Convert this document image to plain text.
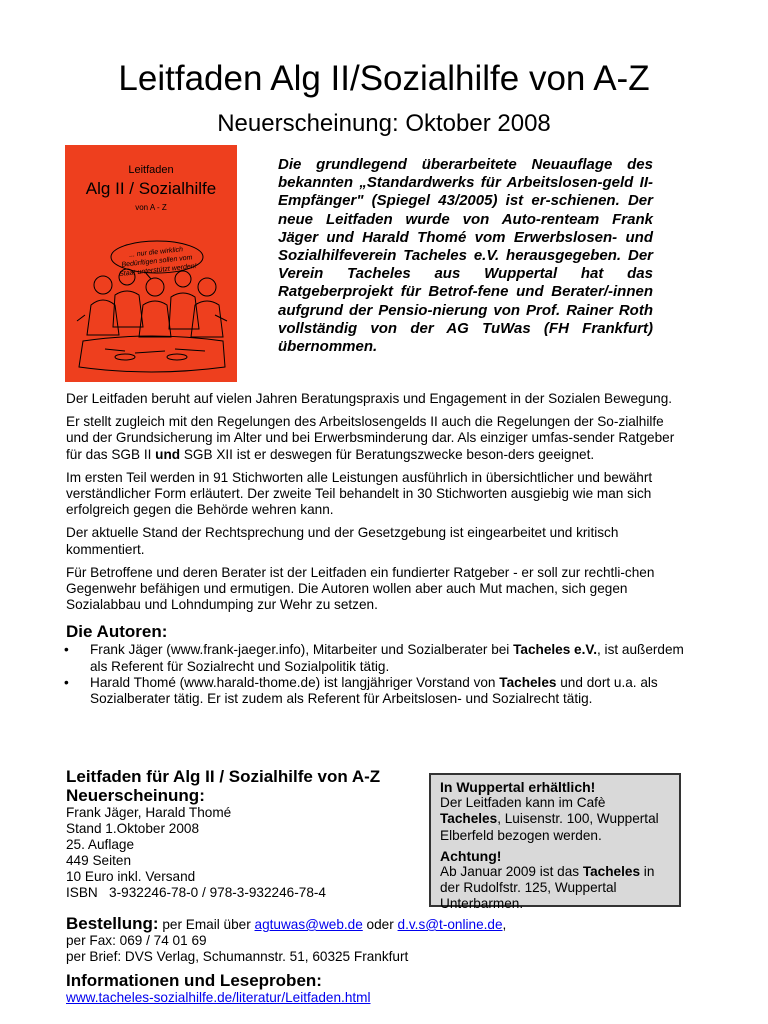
Leitfaden Alg II/Sozialhilfe von A-Z
Neuerscheinung: Oktober 2008
Leitfaden
Alg II / Sozialhilfe
von A - Z
... nur die wirklich Bedürftigen sollen vom Staat unterstützt werden!
Die grundlegend überarbeitete Neuauflage des bekannten „Standardwerks für Arbeitslosen-geld II-Empfänger" (Spiegel 43/2005) ist er-schienen. Der neue Leitfaden wurde von Auto-renteam Frank Jäger und Harald Thomé vom Erwerbslosen- und Sozialhilfeverein Tacheles e.V. herausgegeben. Der Verein Tacheles aus Wuppertal hat das Ratgeberprojekt für Betrof-fene und Berater/-innen aufgrund der Pensio-nierung von Prof. Rainer Roth vollständig von der AG TuWas (FH Frankfurt) übernommen.

Der Leitfaden beruht auf vielen Jahren Beratungspraxis und Engagement in der Sozialen Bewegung.

Er stellt zugleich mit den Regelungen des Arbeitslosengelds II auch die Regelungen der So-zialhilfe und der Grundsicherung im Alter und bei Erwerbsminderung dar. Als einziger umfas-sender Ratgeber für das SGB II und SGB XII ist er deswegen für Beratungszwecke beson-ders geeignet.

Im ersten Teil werden in 91 Stichworten alle Leistungen ausführlich in übersichtlicher und bewährt verständlicher Form erläutert. Der zweite Teil behandelt in 30 Stichworten ausgiebig wie man sich erfolgreich gegen die Behörde wehren kann.

Der aktuelle Stand der Rechtsprechung und der Gesetzgebung ist eingearbeitet und kritisch kommentiert.

Für Betroffene und deren Berater ist der Leitfaden ein fundierter Ratgeber - er soll zur rechtli-chen Gegenwehr befähigen und ermutigen. Die Autoren wollen aber auch Mut machen, sich gegen Sozialabbau und Lohndumping zur Wehr zu setzen.

Die Autoren:
• Frank Jäger (www.frank-jaeger.info), Mitarbeiter und Sozialberater bei Tacheles e.V., ist außerdem als Referent für Sozialrecht und Sozialpolitik tätig.
• Harald Thomé (www.harald-thome.de) ist langjähriger Vorstand von Tacheles und dort u.a. als Sozialberater tätig. Er ist zudem als Referent für Arbeitslosen- und Sozialrecht tätig.
Leitfaden für Alg II / Sozialhilfe von A-Z
Neuerscheinung:
Frank Jäger, Harald Thomé
Stand 1.Oktober 2008
25. Auflage
449 Seiten
10 Euro inkl. Versand
ISBN   3-932246-78-0 / 978-3-932246-78-4
In Wuppertal erhältlich!
Der Leitfaden kann im Cafè Tacheles, Luisenstr. 100, Wuppertal Elberfeld bezogen werden.
Achtung!
Ab Januar 2009 ist das Tacheles in der Rudolfstr. 125, Wuppertal Unterbarmen.
Bestellung: per Email über agtuwas@web.de oder d.v.s@t-online.de,
per Fax: 069 / 74 01 69
per Brief: DVS Verlag, Schumannstr. 51, 60325 Frankfurt
Informationen und Leseproben:
www.tacheles-sozialhilfe.de/literatur/Leitfaden.html
